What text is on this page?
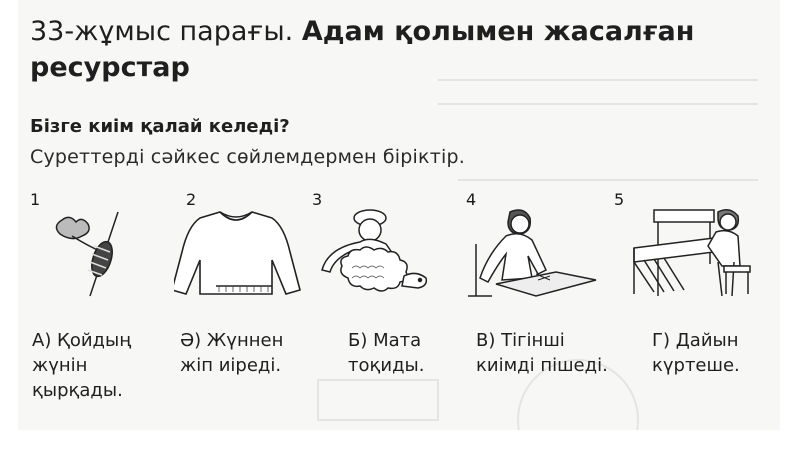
33-жұмыс парағы. Адам қолымен жасалған ресурстар
Бізге киім қалай келеді?
Суреттерді сәйкес сөйлемдермен біріктір.
1	2	3	4	5
А) Қойдың
жүнін
қырқады.
Ә) Жүннен
жіп иіреді.
Б) Мата
тоқиды.
В) Тігінші
киімді пішеді.
Г) Дайын
күртеше.
